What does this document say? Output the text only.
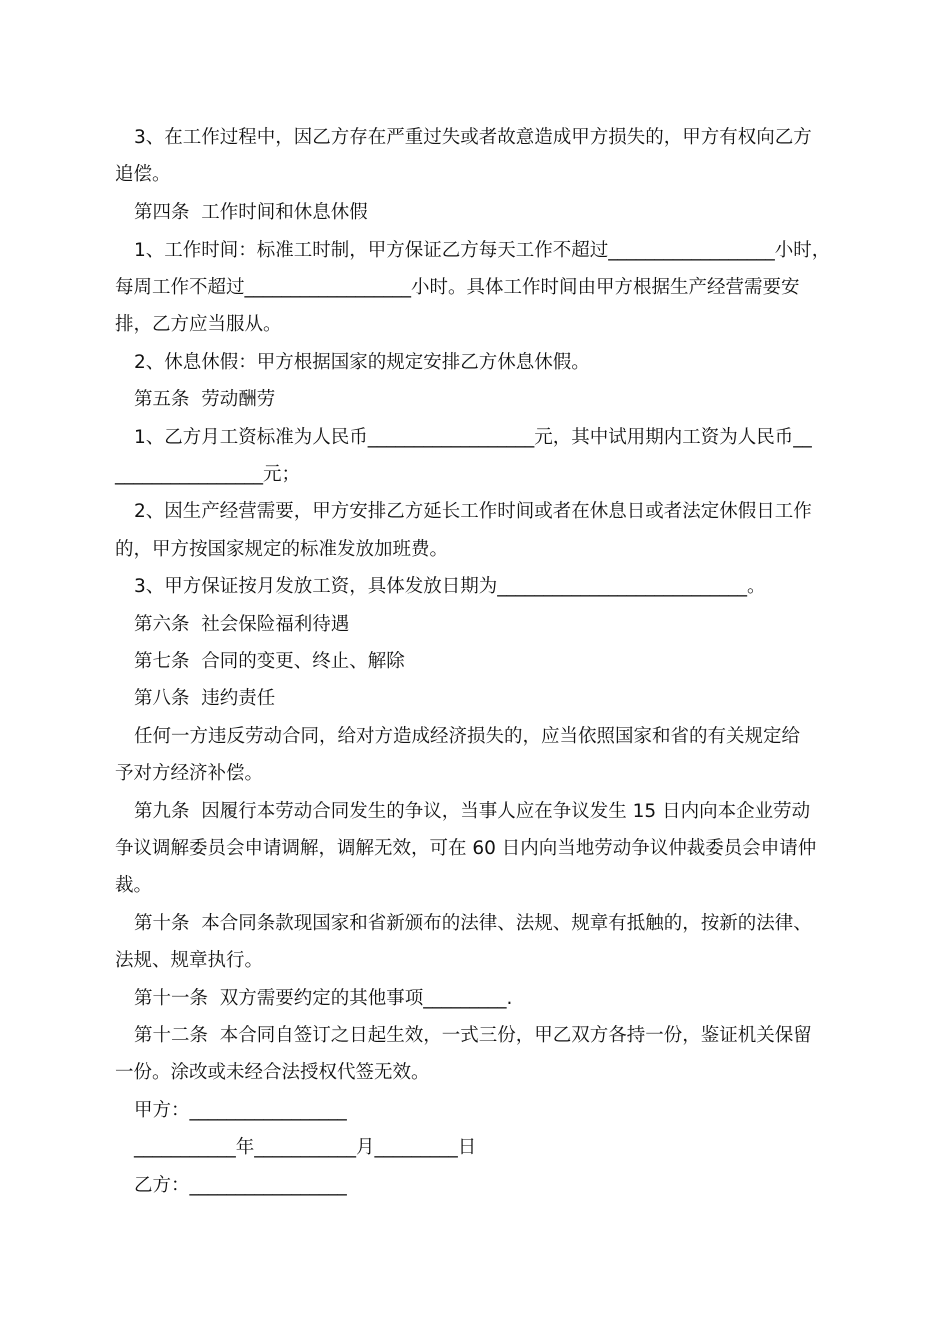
3、在工作过程中，因乙方存在严重过失或者故意造成甲方损失的，甲方有权向乙方
追偿。
第四条  工作时间和休息休假
1、工作时间：标准工时制，甲方保证乙方每天工作不超过__________________小时，
每周工作不超过__________________小时。具体工作时间由甲方根据生产经营需要安
排，乙方应当服从。
2、休息休假：甲方根据国家的规定安排乙方休息休假。
第五条  劳动酬劳
1、乙方月工资标准为人民币__________________元，其中试用期内工资为人民币__
________________元；
2、因生产经营需要，甲方安排乙方延长工作时间或者在休息日或者法定休假日工作
的，甲方按国家规定的标准发放加班费。
3、甲方保证按月发放工资，具体发放日期为___________________________。
第六条  社会保险福利待遇
第七条  合同的变更、终止、解除
第八条  违约责任
任何一方违反劳动合同，给对方造成经济损失的，应当依照国家和省的有关规定给
予对方经济补偿。
第九条  因履行本劳动合同发生的争议，当事人应在争议发生 15 日内向本企业劳动
争议调解委员会申请调解，调解无效，可在 60 日内向当地劳动争议仲裁委员会申请仲
裁。
第十条  本合同条款现国家和省新颁布的法律、法规、规章有抵触的，按新的法律、
法规、规章执行。
第十一条  双方需要约定的其他事项_________.
第十二条  本合同自签订之日起生效，一式三份，甲乙双方各持一份，鉴证机关保留
一份。涂改或未经合法授权代签无效。
甲方：_________________
___________年___________月_________日
乙方：_________________
